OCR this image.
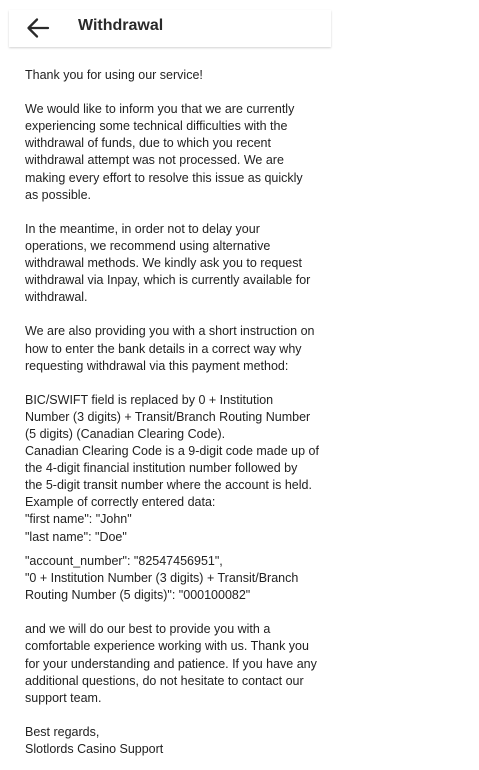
Withdrawal
Thank you for using our service!
We would like to inform you that we are currently
experiencing some technical difficulties with the
withdrawal of funds, due to which you recent
withdrawal attempt was not processed. We are
making every effort to resolve this issue as quickly
as possible.
In the meantime, in order not to delay your
operations, we recommend using alternative
withdrawal methods. We kindly ask you to request
withdrawal via Inpay, which is currently available for
withdrawal.
We are also providing you with a short instruction on
how to enter the bank details in a correct way why
requesting withdrawal via this payment method:
BIC/SWIFT field is replaced by 0 + Institution
Number (3 digits) + Transit/Branch Routing Number
(5 digits) (Canadian Clearing Code).
Canadian Clearing Code is a 9-digit code made up of
the 4-digit financial institution number followed by
the 5-digit transit number where the account is held.
Example of correctly entered data:
"first name": "John"
"last name": "Doe"
"account_number": "82547456951",
"0 + Institution Number (3 digits) + Transit/Branch
Routing Number (5 digits)": "000100082"
and we will do our best to provide you with a
comfortable experience working with us. Thank you
for your understanding and patience. If you have any
additional questions, do not hesitate to contact our
support team.
Best regards,
Slotlords Casino Support
